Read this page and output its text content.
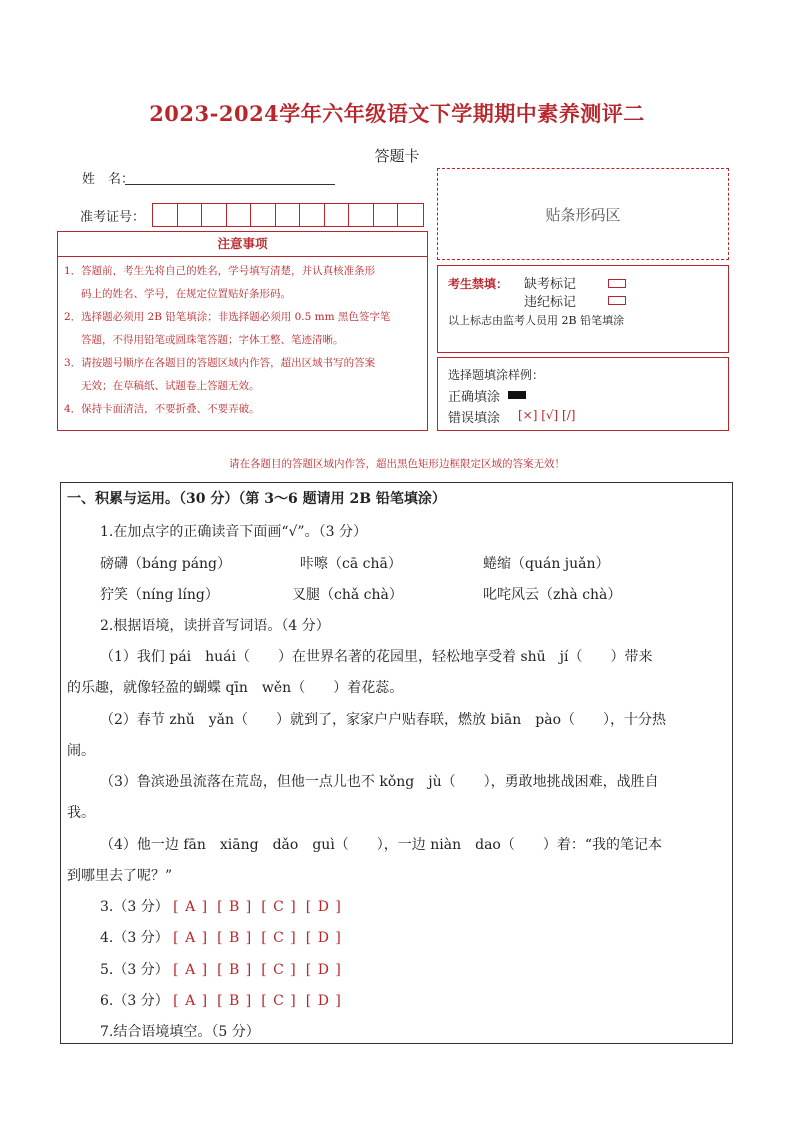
2023-2024学年六年级语文下学期期中素养测评二
答题卡
姓　名：
准考证号：	贴条形码区
注意事项
1．答题前，考生先将自己的姓名，学号填写清楚，并认真核准条形
码上的姓名、学号，在规定位置贴好条形码。
2．选择题必须用 2B 铅笔填涂；非选择题必须用 0.5 mm 黑色签字笔
答题，不得用铅笔或圆珠笔答题；字体工整、笔迹清晰。
3．请按题号顺序在各题目的答题区域内作答，超出区域书写的答案
无效；在草稿纸、试题卷上答题无效。
4．保持卡面清洁，不要折叠、不要弄破。
考生禁填： 缺考标记
违纪标记
以上标志由监考人员用 2B 铅笔填涂
选择题填涂样例：
正确填涂
错误填涂 [×] [√] [/]
请在各题目的答题区域内作答，超出黑色矩形边框限定区域的答案无效！
一、积累与运用。（30 分）（第 3～6 题请用 2B 铅笔填涂）
1.在加点字的正确读音下面画“√”。（3 分）
磅礴（báng páng）	咔嚓（cā chā）	蜷缩（quán juǎn）
狞笑（níng líng）	叉腿（chǎ chà）	叱咤风云（zhà chà）
2.根据语境，读拼音写词语。（4 分）
（1）我们 pái　huái（　　）在世界名著的花园里，轻松地享受着 shū　jí（　　）带来
的乐趣，就像轻盈的蝴蝶 qīn　wěn（　　）着花蕊。
（2）春节 zhǔ　yǎn（　　）就到了，家家户户贴春联，燃放 biān　pào（　　），十分热
闹。
（3）鲁滨逊虽流落在荒岛，但他一点儿也不 kǒng　jù（　　），勇敢地挑战困难，战胜自
我。
（4）他一边 fān　xiāng　dǎo　guì（　　），一边 niàn　dao（　　）着：“我的笔记本
到哪里去了呢？”
3.（3 分） [ A ] [ B ] [ C ] [ D ]
4.（3 分） [ A ] [ B ] [ C ] [ D ]
5.（3 分） [ A ] [ B ] [ C ] [ D ]
6.（3 分） [ A ] [ B ] [ C ] [ D ]
7.结合语境填空。（5 分）
